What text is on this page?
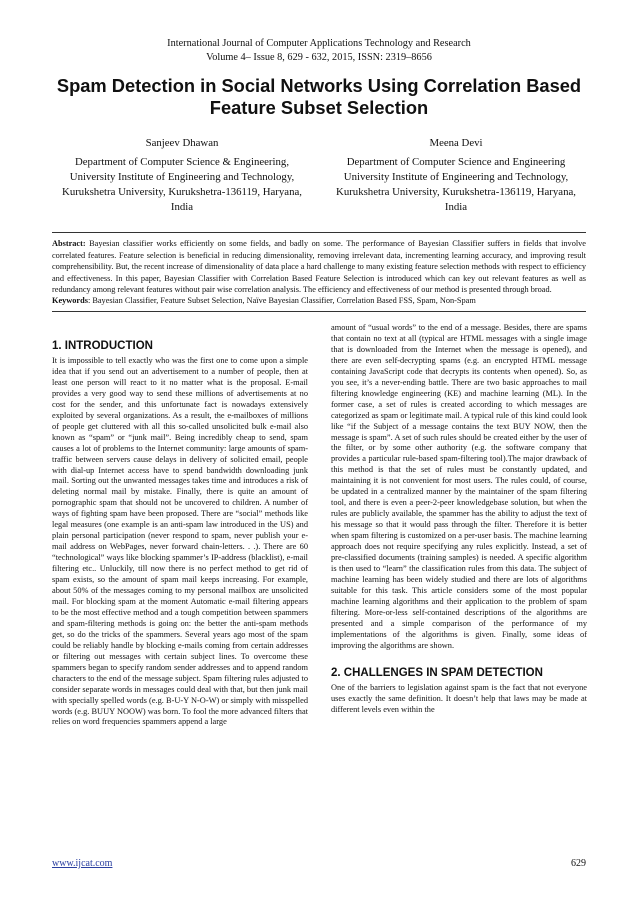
International Journal of Computer Applications Technology and Research
Volume 4– Issue 8, 629 - 632, 2015, ISSN: 2319–8656
Spam Detection in Social Networks Using Correlation Based Feature Subset Selection
Sanjeev Dhawan
Department of Computer Science & Engineering, University Institute of Engineering and Technology, Kurukshetra University, Kurukshetra-136119, Haryana, India
Meena Devi
Department of Computer Science and Engineering University Institute of Engineering and Technology, Kurukshetra University, Kurukshetra-136119, Haryana, India
Abstract: Bayesian classifier works efficiently on some fields, and badly on some. The performance of Bayesian Classifier suffers in fields that involve correlated features. Feature selection is beneficial in reducing dimensionality, removing irrelevant data, incrementing learning accuracy, and improving result comprehensibility. But, the recent increase of dimensionality of data place a hard challenge to many existing feature selection methods with respect to efficiency and effectiveness. In this paper, Bayesian Classifier with Correlation Based Feature Selection is introduced which can key out relevant features as well as redundancy among relevant features without pair wise correlation analysis. The efficiency and effectiveness of our method is presented through broad.
Keywords: Bayesian Classifier, Feature Subset Selection, Naïve Bayesian Classifier, Correlation Based FSS, Spam, Non-Spam
1. INTRODUCTION

It is impossible to tell exactly who was the first one to come upon a simple idea that if you send out an advertisement to a number of people, then at least one person will react to it no matter what is the proposal. E-mail provides a very good way to send these millions of advertisements at no cost for the sender, and this unfortunate fact is nowadays extensively exploited by several organizations. As a result, the e-mailboxes of millions of people get cluttered with all this so-called unsolicited bulk e-mail also known as “spam” or “junk mail”. Being incredibly cheap to send, spam causes a lot of problems to the Internet community: large amounts of spam-traffic between servers cause delays in delivery of solicited email, people with dial-up Internet access have to spend bandwidth downloading junk mail. Sorting out the unwanted messages takes time and introduces a risk of deleting normal mail by mistake. Finally, there is quite an amount of pornographic spam that should not be uncovered to children. A number of ways of fighting spam have been proposed. There are “social” methods like legal measures (one example is an anti-spam law introduced in the US) and plain personal participation (never respond to spam, never publish your e-mail address on WebPages, never forward chain-letters. . .). There are 60 “technological” ways like blocking spammer’s IP-address (blacklist), e-mail filtering etc.. Unluckily, till now there is no perfect method to get rid of spam exists, so the amount of spam mail keeps increasing. For example, about 50% of the messages coming to my personal mailbox are unsolicited mail. For blocking spam at the moment Automatic e-mail filtering appears to be the most effective method and a tough competition between spammers and spam-filtering methods is going on: the better the anti-spam methods get, so do the tricks of the spammers. Several years ago most of the spam could be reliably handle by blocking e-mails coming from certain addresses or filtering out messages with certain subject lines. To overcome these spammers began to specify random sender addresses and to append random characters to the end of the message subject. Spam filtering rules adjusted to consider separate words in messages could deal with that, but then junk mail with specially spelled words (e.g. B-U-Y N-O-W) or simply with misspelled words (e.g. BUUY NOOW) was born. To fool the more advanced filters that relies on word frequencies spammers append a large

amount of “usual words” to the end of a message. Besides, there are spams that contain no text at all (typical are HTML messages with a single image that is downloaded from the Internet when the message is opened), and there are even self-decrypting spams (e.g. an encrypted HTML message containing JavaScript code that decrypts its contents when opened). So, as you see, it’s a never-ending battle. There are two basic approaches to mail filtering knowledge engineering (KE) and machine learning (ML). In the former case, a set of rules is created according to which messages are categorized as spam or legitimate mail. A typical rule of this kind could look like “if the Subject of a message contains the text BUY NOW, then the message is spam”. A set of such rules should be created either by the user of the filter, or by some other authority (e.g. the software company that provides a particular rule-based spam-filtering tool).The major drawback of this method is that the set of rules must be constantly updated, and maintaining it is not convenient for most users. The rules could, of course, be updated in a centralized manner by the maintainer of the spam filtering tool, and there is even a peer-2-peer knowledgebase solution, but when the rules are publicly available, the spammer has the ability to adjust the text of his message so that it would pass through the filter. Therefore it is better when spam filtering is customized on a per-user basis. The machine learning approach does not require specifying any rules explicitly. Instead, a set of pre-classified documents (training samples) is needed. A specific algorithm is then used to “learn” the classification rules from this data. The subject of machine learning has been widely studied and there are lots of algorithms suitable for this task. This article considers some of the most popular machine learning algorithms and their application to the problem of spam filtering. More-or-less self-contained descriptions of the algorithms are presented and a simple comparison of the performance of my implementations of the algorithms is given. Finally, some ideas of improving the algorithms are shown.

2. CHALLENGES IN SPAM DETECTION

One of the barriers to legislation against spam is the fact that not everyone uses exactly the same definition. It doesn’t help that laws may be made at different levels even within the

www.ijcat.com	629
